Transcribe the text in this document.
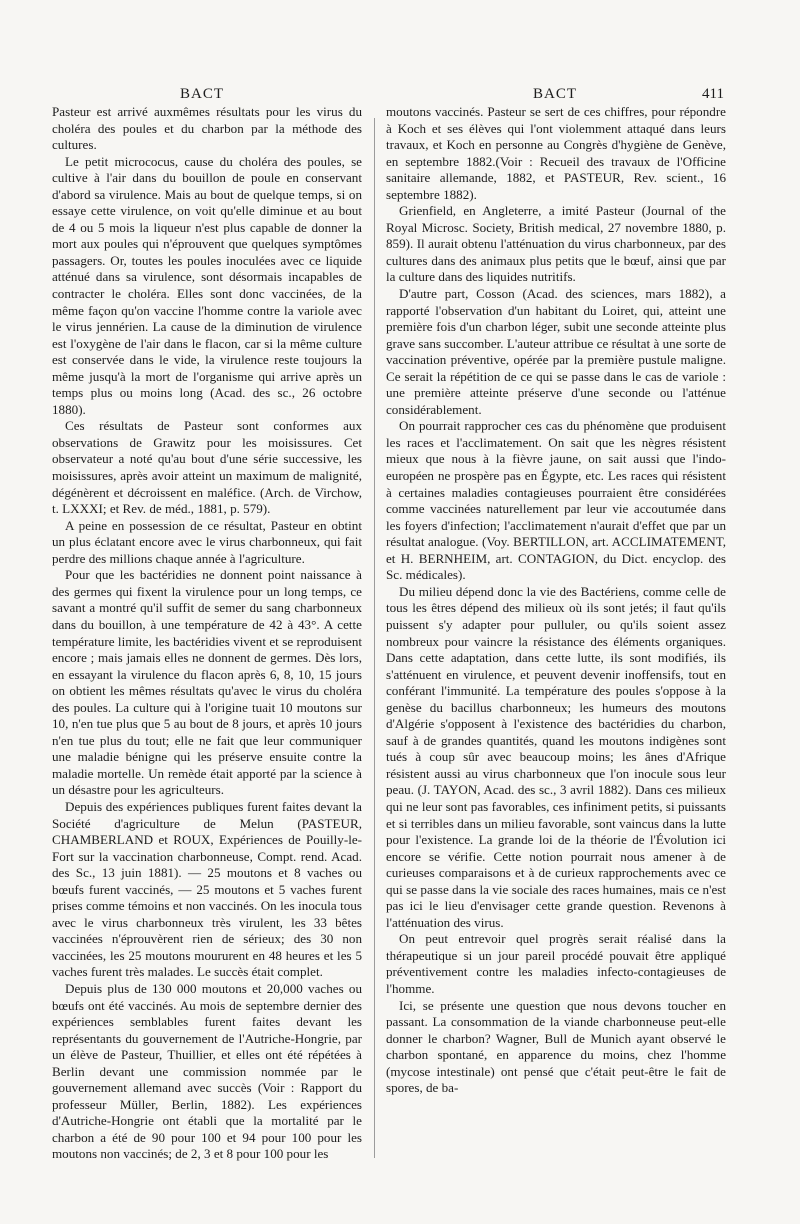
BACT	BACT	411

Pasteur est arrivé auxmêmes résultats pour les virus du choléra des poules et du charbon par la méthode des cultures.

Le petit micrococus, cause du choléra des poules, se cultive à l'air dans du bouillon de poule en conservant d'abord sa virulence. Mais au bout de quelque temps, si on essaye cette virulence, on voit qu'elle diminue et au bout de 4 ou 5 mois la liqueur n'est plus capable de donner la mort aux poules qui n'éprouvent que quelques symptômes passagers. Or, toutes les poules inoculées avec ce liquide atténué dans sa virulence, sont désormais incapables de contracter le choléra. Elles sont donc vaccinées, de la même façon qu'on vaccine l'homme contre la variole avec le virus jennérien. La cause de la diminution de virulence est l'oxygène de l'air dans le flacon, car si la même culture est conservée dans le vide, la virulence reste toujours la même jusqu'à la mort de l'organisme qui arrive après un temps plus ou moins long (Acad. des sc., 26 octobre 1880).

Ces résultats de Pasteur sont conformes aux observations de Grawitz pour les moisissures. Cet observateur a noté qu'au bout d'une série successive, les moisissures, après avoir atteint un maximum de malignité, dégénèrent et décroissent en maléfice. (Arch. de Virchow, t. LXXXI; et Rev. de méd., 1881, p. 579).

A peine en possession de ce résultat, Pasteur en obtint un plus éclatant encore avec le virus charbonneux, qui fait perdre des millions chaque année à l'agriculture.

Pour que les bactéridies ne donnent point naissance à des germes qui fixent la virulence pour un long temps, ce savant a montré qu'il suffit de semer du sang charbonneux dans du bouillon, à une température de 42 à 43°. A cette température limite, les bactéridies vivent et se reproduisent encore ; mais jamais elles ne donnent de germes. Dès lors, en essayant la virulence du flacon après 6, 8, 10, 15 jours on obtient les mêmes résultats qu'avec le virus du choléra des poules. La culture qui à l'origine tuait 10 moutons sur 10, n'en tue plus que 5 au bout de 8 jours, et après 10 jours n'en tue plus du tout; elle ne fait que leur communiquer une maladie bénigne qui les préserve ensuite contre la maladie mortelle. Un remède était apporté par la science à un désastre pour les agriculteurs.

Depuis des expériences publiques furent faites devant la Société d'agriculture de Melun (PASTEUR, CHAMBERLAND et ROUX, Expériences de Pouilly-le-Fort sur la vaccination charbonneuse, Compt. rend. Acad. des Sc., 13 juin 1881). — 25 moutons et 8 vaches ou bœufs furent vaccinés, — 25 moutons et 5 vaches furent prises comme témoins et non vaccinés. On les inocula tous avec le virus charbonneux très virulent, les 33 bêtes vaccinées n'éprouvèrent rien de sérieux; des 30 non vaccinées, les 25 moutons moururent en 48 heures et les 5 vaches furent très malades. Le succès était complet.

Depuis plus de 130 000 moutons et 20,000 vaches ou bœufs ont été vaccinés. Au mois de septembre dernier des expériences semblables furent faites devant les représentants du gouvernement de l'Autriche-Hongrie, par un élève de Pasteur, Thuillier, et elles ont été répétées à Berlin devant une commission nommée par le gouvernement allemand avec succès (Voir : Rapport du professeur Müller, Berlin, 1882). Les expériences d'Autriche-Hongrie ont établi que la mortalité par le charbon a été de 90 pour 100 et 94 pour 100 pour les moutons non vaccinés; de 2, 3 et 8 pour 100 pour les

moutons vaccinés. Pasteur se sert de ces chiffres, pour répondre à Koch et ses élèves qui l'ont violemment attaqué dans leurs travaux, et Koch en personne au Congrès d'hygiène de Genève, en septembre 1882.(Voir : Recueil des travaux de l'Officine sanitaire allemande, 1882, et PASTEUR, Rev. scient., 16 septembre 1882).

Grienfield, en Angleterre, a imité Pasteur (Journal of the Royal Microsc. Society, British medical, 27 novembre 1880, p. 859). Il aurait obtenu l'atténuation du virus charbonneux, par des cultures dans des animaux plus petits que le bœuf, ainsi que par la culture dans des liquides nutritifs.

D'autre part, Cosson (Acad. des sciences, mars 1882), a rapporté l'observation d'un habitant du Loiret, qui, atteint une première fois d'un charbon léger, subit une seconde atteinte plus grave sans succomber. L'auteur attribue ce résultat à une sorte de vaccination préventive, opérée par la première pustule maligne. Ce serait la répétition de ce qui se passe dans le cas de variole : une première atteinte préserve d'une seconde ou l'atténue considérablement.

On pourrait rapprocher ces cas du phénomène que produisent les races et l'acclimatement. On sait que les nègres résistent mieux que nous à la fièvre jaune, on sait aussi que l'indo-européen ne prospère pas en Égypte, etc. Les races qui résistent à certaines maladies contagieuses pourraient être considérées comme vaccinées naturellement par leur vie accoutumée dans les foyers d'infection; l'acclimatement n'aurait d'effet que par un résultat analogue. (Voy. BERTILLON, art. ACCLIMATEMENT, et H. BERNHEIM, art. CONTAGION, du Dict. encyclop. des Sc. médicales).

Du milieu dépend donc la vie des Bactériens, comme celle de tous les êtres dépend des milieux où ils sont jetés; il faut qu'ils puissent s'y adapter pour pulluler, ou qu'ils soient assez nombreux pour vaincre la résistance des éléments organiques. Dans cette adaptation, dans cette lutte, ils sont modifiés, ils s'atténuent en virulence, et peuvent devenir inoffensifs, tout en conférant l'immunité. La température des poules s'oppose à la genèse du bacillus charbonneux; les humeurs des moutons d'Algérie s'opposent à l'existence des bactéridies du charbon, sauf à de grandes quantités, quand les moutons indigènes sont tués à coup sûr avec beaucoup moins; les ânes d'Afrique résistent aussi au virus charbonneux que l'on inocule sous leur peau. (J. TAYON, Acad. des sc., 3 avril 1882). Dans ces milieux qui ne leur sont pas favorables, ces infiniment petits, si puissants et si terribles dans un milieu favorable, sont vaincus dans la lutte pour l'existence. La grande loi de la théorie de l'Évolution ici encore se vérifie. Cette notion pourrait nous amener à de curieuses comparaisons et à de curieux rapprochements avec ce qui se passe dans la vie sociale des races humaines, mais ce n'est pas ici le lieu d'envisager cette grande question. Revenons à l'atténuation des virus.

On peut entrevoir quel progrès serait réalisé dans la thérapeutique si un jour pareil procédé pouvait être appliqué préventivement contre les maladies infecto-contagieuses de l'homme.

Ici, se présente une question que nous devons toucher en passant. La consommation de la viande charbonneuse peut-elle donner le charbon? Wagner, Bull de Munich ayant observé le charbon spontané, en apparence du moins, chez l'homme (mycose intestinale) ont pensé que c'était peut-être le fait de spores, de ba-
